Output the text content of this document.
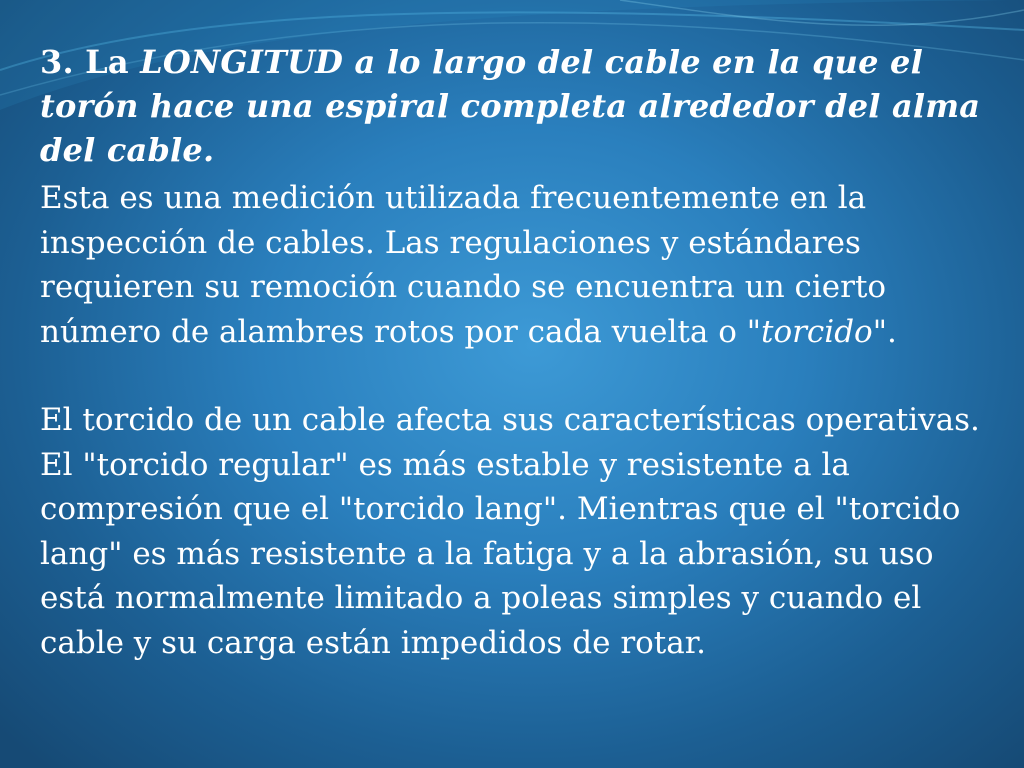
3. La LONGITUD a lo largo del cable en la que el torón hace una espiral completa alrededor del alma del cable.

Esta es una medición utilizada frecuentemente en la inspección de cables. Las regulaciones y estándares requieren su remoción cuando se encuentra un cierto número de alambres rotos por cada vuelta o "torcido".

El torcido de un cable afecta sus características operativas. El "torcido regular" es más estable y resistente a la compresión que el "torcido lang". Mientras que el "torcido lang" es más resistente a la fatiga y a la abrasión, su uso está normalmente limitado a poleas simples y cuando el cable y su carga están impedidos de rotar.
